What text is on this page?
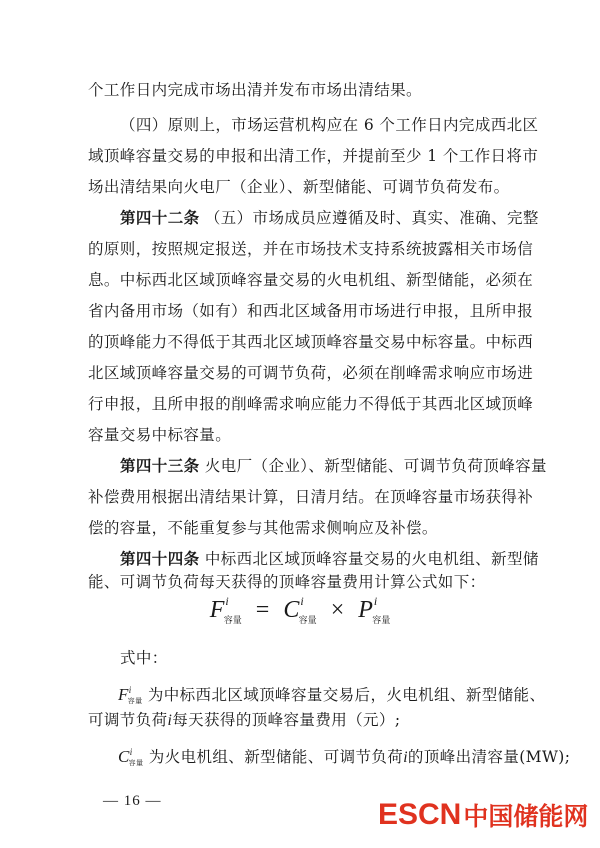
个工作日内完成市场出清并发布市场出清结果。
（四）原则上，市场运营机构应在 6 个工作日内完成西北区
域顶峰容量交易的申报和出清工作，并提前至少 1 个工作日将市
场出清结果向火电厂（企业）、新型储能、可调节负荷发布。
第四十二条 （五）市场成员应遵循及时、真实、准确、完整
的原则，按照规定报送，并在市场技术支持系统披露相关市场信
息。中标西北区域顶峰容量交易的火电机组、新型储能，必须在
省内备用市场（如有）和西北区域备用市场进行申报，且所申报
的顶峰能力不得低于其西北区域顶峰容量交易中标容量。中标西
北区域顶峰容量交易的可调节负荷，必须在削峰需求响应市场进
行申报，且所申报的削峰需求响应能力不得低于其西北区域顶峰
容量交易中标容量。
第四十三条 火电厂（企业）、新型储能、可调节负荷顶峰容量
补偿费用根据出清结果计算，日清月结。在顶峰容量市场获得补
偿的容量，不能重复参与其他需求侧响应及补偿。
第四十四条 中标西北区域顶峰容量交易的火电机组、新型储
能、可调节负荷每天获得的顶峰容量费用计算公式如下：
$F^i_{容量} = C^i_{容量} \times P^i_{容量}$
式中：
$F^i_{容量}$ 为中标西北区域顶峰容量交易后，火电机组、新型储能、
可调节负荷i每天获得的顶峰容量费用（元）;
$C^i_{容量}$ 为火电机组、新型储能、可调节负荷i的顶峰出清容量(MW);
— 16 —	ESCN 中国储能网
